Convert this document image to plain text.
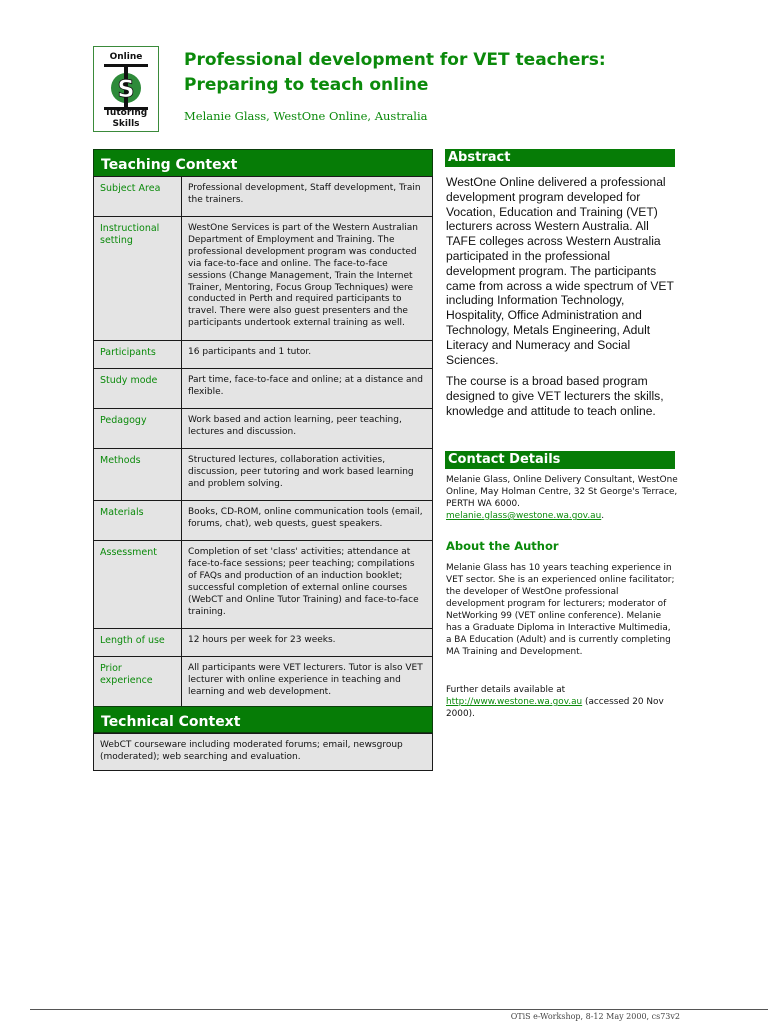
S
Online
Tutoring
Skills
Professional development for VET teachers: Preparing to teach online
Melanie Glass, WestOne Online, Australia
Teaching Context
Subject Area	Professional development, Staff development, Train the trainers.
Instructional setting	WestOne Services is part of the Western Australian Department of Employment and Training. The professional development program was conducted via face-to-face and online. The face-to-face sessions (Change Management, Train the Internet Trainer, Mentoring, Focus Group Techniques) were conducted in Perth and required participants to travel. There were also guest presenters and the participants undertook external training as well.
Participants	16 participants and 1 tutor.
Study mode	Part time, face-to-face and online; at a distance and flexible.
Pedagogy	Work based and action learning, peer teaching, lectures and discussion.
Methods	Structured lectures, collaboration activities, discussion, peer tutoring and work based learning and problem solving.
Materials	Books, CD-ROM, online communication tools (email, forums, chat), web quests, guest speakers.
Assessment	Completion of set 'class' activities; attendance at face-to-face sessions; peer teaching; compilations of FAQs and production of an induction booklet; successful completion of external online courses (WebCT and Online Tutor Training) and face-to-face training.
Length of use	12 hours per week for 23 weeks.
Prior experience	All participants were VET lecturers. Tutor is also VET lecturer with online experience in teaching and learning and web development.
Technical Context
WebCT courseware including moderated forums; email, newsgroup (moderated); web searching and evaluation.
Abstract

WestOne Online delivered a professional development program developed for Vocation, Education and Training (VET) lecturers across Western Australia. All TAFE colleges across Western Australia participated in the professional development program. The participants came from across a wide spectrum of VET including Information Technology, Hospitality, Office Administration and Technology, Metals Engineering, Adult Literacy and Numeracy and Social Sciences.

The course is a broad based program designed to give VET lecturers the skills, knowledge and attitude to teach online.

Contact Details
Melanie Glass, Online Delivery Consultant, WestOne Online, May Holman Centre, 32 St George's Terrace, PERTH WA 6000. melanie.glass@westone.wa.gov.au.
About the Author
Melanie Glass has 10 years teaching experience in VET sector. She is an experienced online facilitator; the developer of WestOne professional development program for lecturers; moderator of NetWorking 99 (VET online conference). Melanie has a Graduate Diploma in Interactive Multimedia, a BA Education (Adult) and is currently completing MA Training and Development.
Further details available at
http://www.westone.wa.gov.au (accessed 20 Nov 2000).
OTiS e-Workshop, 8-12 May 2000, cs73v2
